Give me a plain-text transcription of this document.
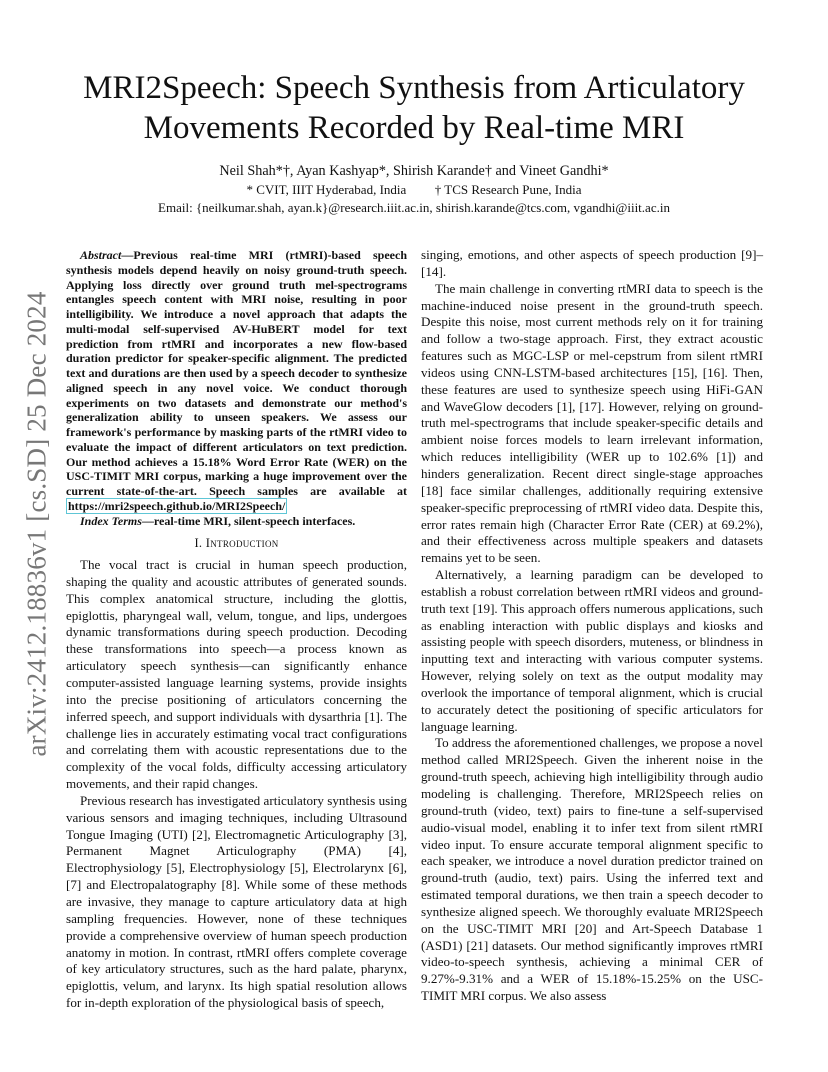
arXiv:2412.18836v1 [cs.SD] 25 Dec 2024
MRI2Speech: Speech Synthesis from Articulatory
Movements Recorded by Real-time MRI
Neil Shah*†, Ayan Kashyap*, Shirish Karande† and Vineet Gandhi*
* CVIT, IIIT Hyderabad, India † TCS Research Pune, India
Email: {neilkumar.shah, ayan.k}@research.iiit.ac.in, shirish.karande@tcs.com, vgandhi@iiit.ac.in

Abstract—Previous real-time MRI (rtMRI)-based speech synthesis models depend heavily on noisy ground-truth speech. Applying loss directly over ground truth mel-spectrograms entangles speech content with MRI noise, resulting in poor intelligibility. We introduce a novel approach that adapts the multi-modal self-supervised AV-HuBERT model for text prediction from rtMRI and incorporates a new flow-based duration predictor for speaker-specific alignment. The predicted text and durations are then used by a speech decoder to synthesize aligned speech in any novel voice. We conduct thorough experiments on two datasets and demonstrate our method's generalization ability to unseen speakers. We assess our framework's performance by masking parts of the rtMRI video to evaluate the impact of different articulators on text prediction. Our method achieves a 15.18% Word Error Rate (WER) on the USC-TIMIT MRI corpus, marking a huge improvement over the current state-of-the-art. Speech samples are available at https://mri2speech.github.io/MRI2Speech/

Index Terms—real-time MRI, silent-speech interfaces.

I. Introduction

The vocal tract is crucial in human speech production, shaping the quality and acoustic attributes of generated sounds. This complex anatomical structure, including the glottis, epiglottis, pharyngeal wall, velum, tongue, and lips, undergoes dynamic transformations during speech production. Decoding these transformations into speech—a process known as articulatory speech synthesis—can significantly enhance computer-assisted language learning systems, provide insights into the precise positioning of articulators concerning the inferred speech, and support individuals with dysarthria [1]. The challenge lies in accurately estimating vocal tract configurations and correlating them with acoustic representations due to the complexity of the vocal folds, difficulty accessing articulatory movements, and their rapid changes.

Previous research has investigated articulatory synthesis using various sensors and imaging techniques, including Ultrasound Tongue Imaging (UTI) [2], Electromagnetic Articulography [3], Permanent Magnet Articulography (PMA) [4], Electrophysiology [5], Electrophysiology [5], Electrolarynx [6], [7] and Electropalatography [8]. While some of these methods are invasive, they manage to capture articulatory data at high sampling frequencies. However, none of these techniques provide a comprehensive overview of human speech production anatomy in motion. In contrast, rtMRI offers complete coverage of key articulatory structures, such as the hard palate, pharynx, epiglottis, velum, and larynx. Its high spatial resolution allows for in-depth exploration of the physiological basis of speech,

singing, emotions, and other aspects of speech production [9]–[14].

The main challenge in converting rtMRI data to speech is the machine-induced noise present in the ground-truth speech. Despite this noise, most current methods rely on it for training and follow a two-stage approach. First, they extract acoustic features such as MGC-LSP or mel-cepstrum from silent rtMRI videos using CNN-LSTM-based architectures [15], [16]. Then, these features are used to synthesize speech using HiFi-GAN and WaveGlow decoders [1], [17]. However, relying on ground-truth mel-spectrograms that include speaker-specific details and ambient noise forces models to learn irrelevant information, which reduces intelligibility (WER up to 102.6% [1]) and hinders generalization. Recent direct single-stage approaches [18] face similar challenges, additionally requiring extensive speaker-specific preprocessing of rtMRI video data. Despite this, error rates remain high (Character Error Rate (CER) at 69.2%), and their effectiveness across multiple speakers and datasets remains yet to be seen.

Alternatively, a learning paradigm can be developed to establish a robust correlation between rtMRI videos and ground-truth text [19]. This approach offers numerous applications, such as enabling interaction with public displays and kiosks and assisting people with speech disorders, muteness, or blindness in inputting text and interacting with various computer systems. However, relying solely on text as the output modality may overlook the importance of temporal alignment, which is crucial to accurately detect the positioning of specific articulators for language learning.

To address the aforementioned challenges, we propose a novel method called MRI2Speech. Given the inherent noise in the ground-truth speech, achieving high intelligibility through audio modeling is challenging. Therefore, MRI2Speech relies on ground-truth (video, text) pairs to fine-tune a self-supervised audio-visual model, enabling it to infer text from silent rtMRI video input. To ensure accurate temporal alignment specific to each speaker, we introduce a novel duration predictor trained on ground-truth (audio, text) pairs. Using the inferred text and estimated temporal durations, we then train a speech decoder to synthesize aligned speech. We thoroughly evaluate MRI2Speech on the USC-TIMIT MRI [20] and Art-Speech Database 1 (ASD1) [21] datasets. Our method significantly improves rtMRI video-to-speech synthesis, achieving a minimal CER of 9.27%-9.31% and a WER of 15.18%-15.25% on the USC-TIMIT MRI corpus. We also assess
